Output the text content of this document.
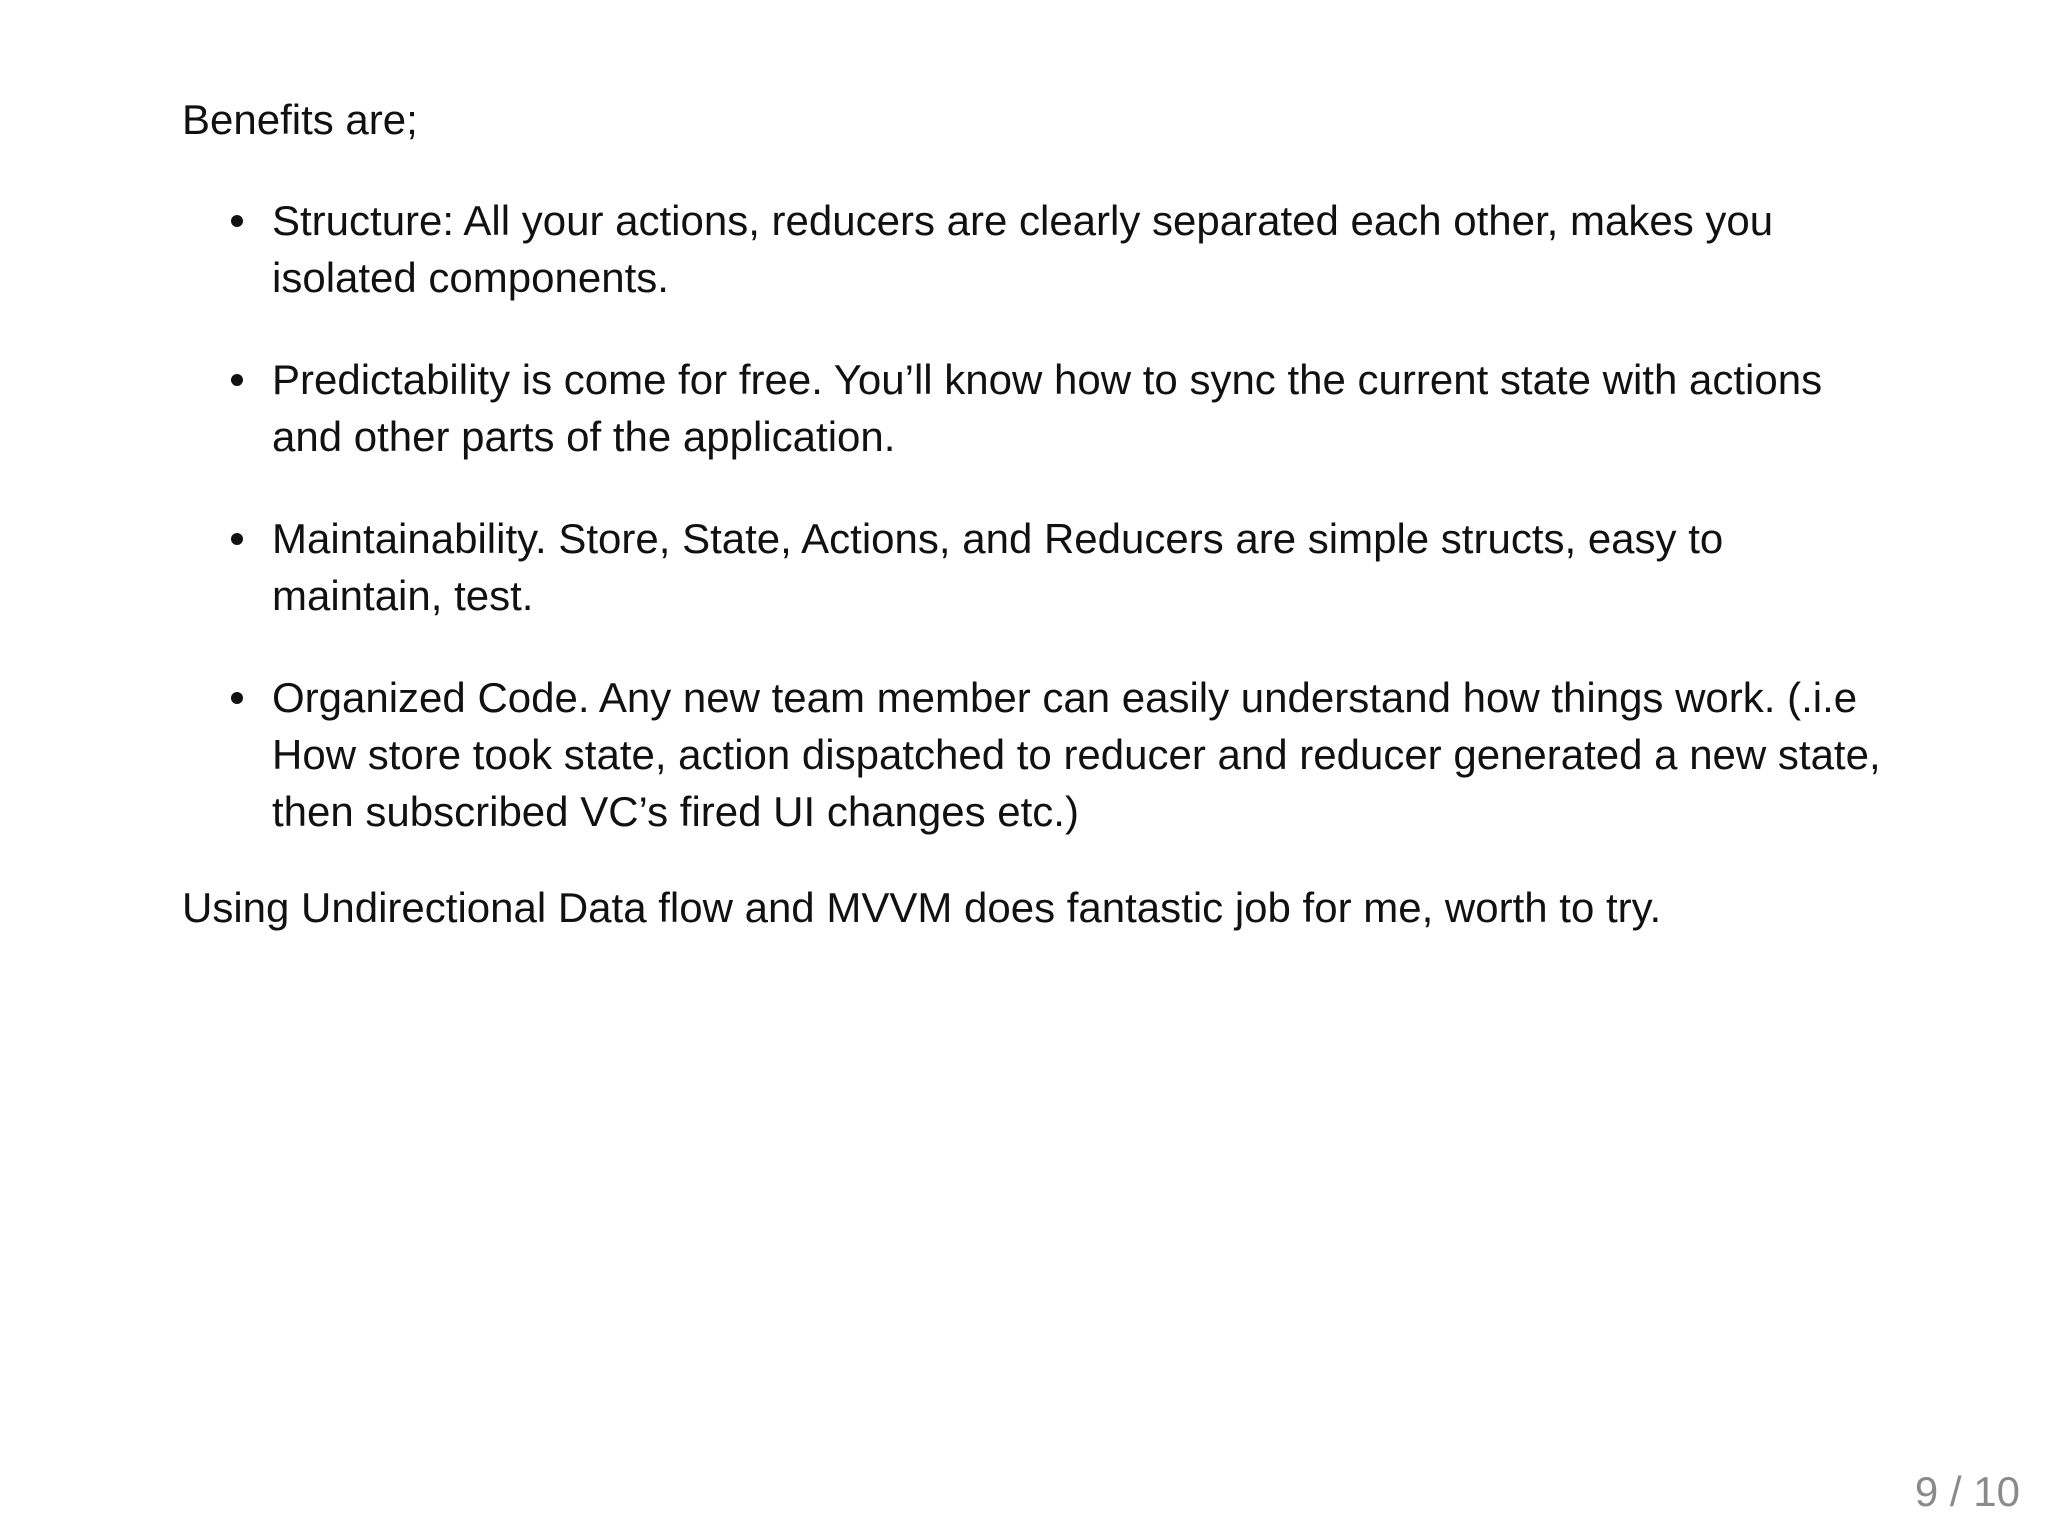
Benefits are;

Structure: All your actions, reducers are clearly separated each other, makes you isolated components.
Predictability is come for free. You’ll know how to sync the current state with actions and other parts of the application.
Maintainability. Store, State, Actions, and Reducers are simple structs, easy to maintain, test.
Organized Code. Any new team member can easily understand how things work. (.i.e How store took state, action dispatched to reducer and reducer generated a new state, then subscribed VC’s fired UI changes etc.)

Using Undirectional Data flow and MVVM does fantastic job for me, worth to try.

9 / 10
